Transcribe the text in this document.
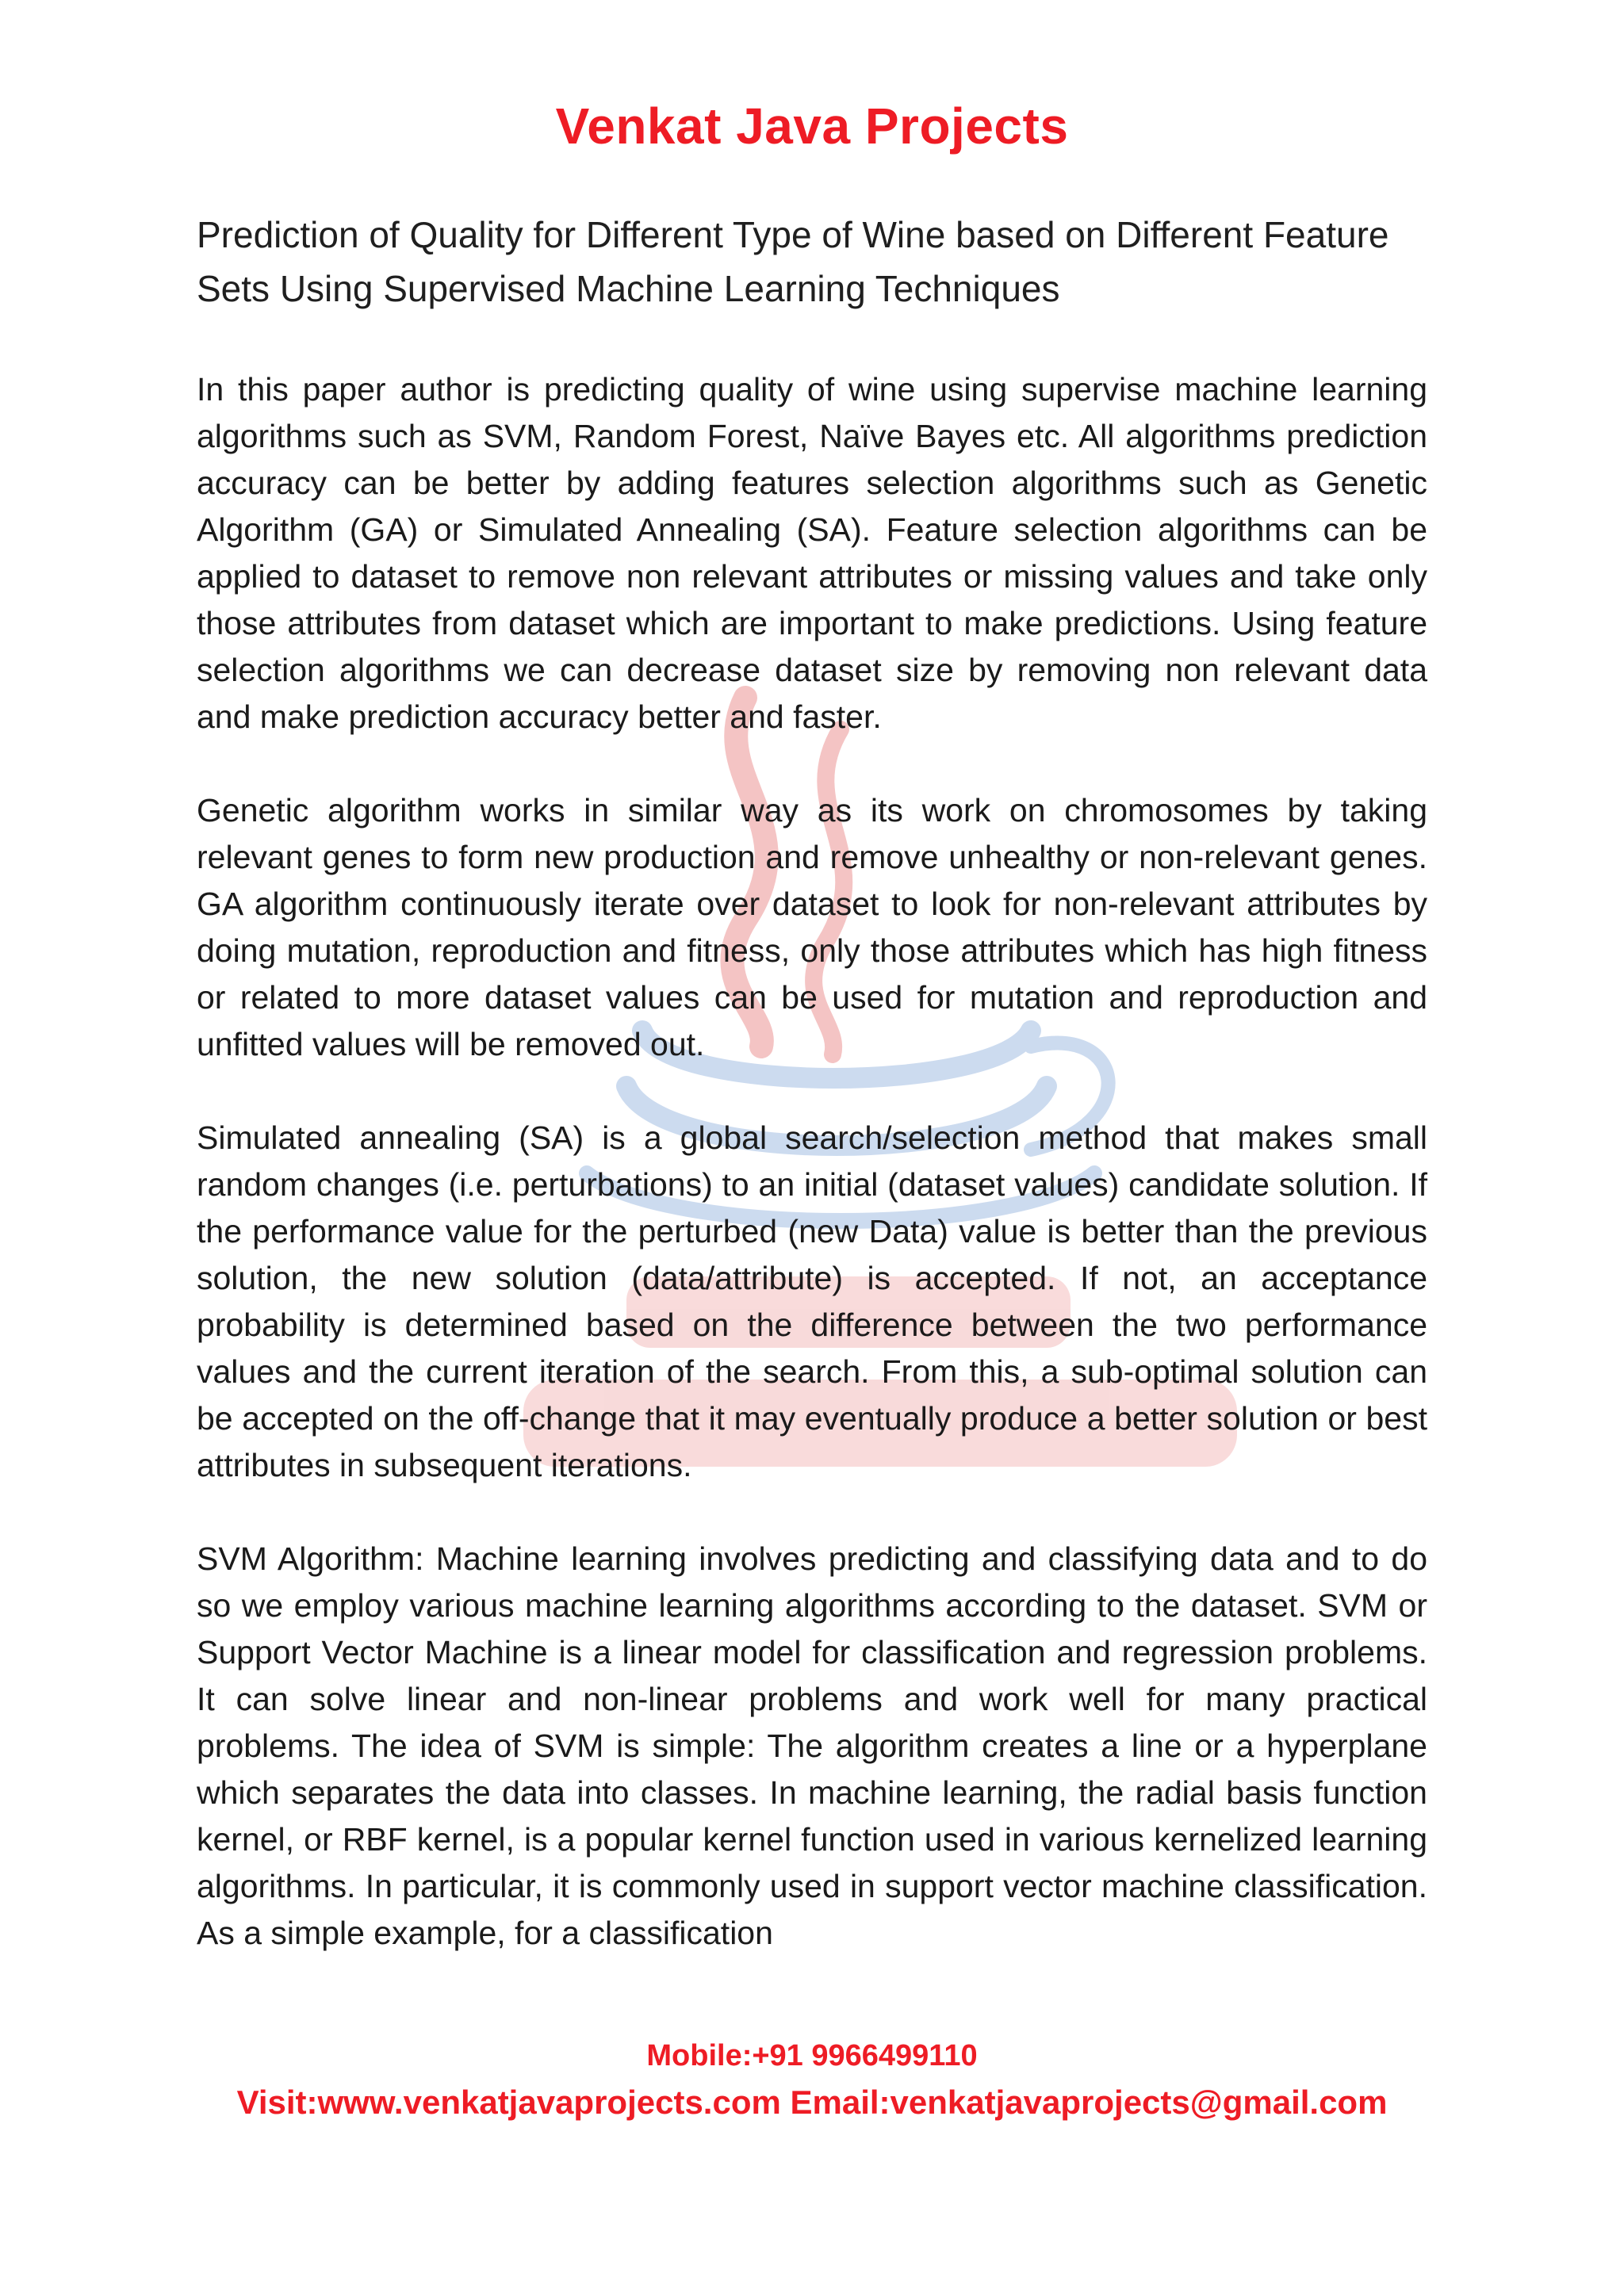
Venkat Java Projects
Prediction of Quality for Different Type of Wine based on Different Feature Sets Using Supervised Machine Learning Techniques

In this paper author is predicting quality of wine using supervise machine learning algorithms such as SVM, Random Forest, Naïve Bayes etc. All algorithms prediction accuracy can be better by adding features selection algorithms such as Genetic Algorithm (GA) or Simulated Annealing (SA). Feature selection algorithms can be applied to dataset to remove non relevant attributes or missing values and take only those attributes from dataset which are important to make predictions. Using feature selection algorithms we can decrease dataset size by removing non relevant data and make prediction accuracy better and faster.

Genetic algorithm works in similar way as its work on chromosomes by taking relevant genes to form new production and remove unhealthy or non-relevant genes. GA algorithm continuously iterate over dataset to look for non-relevant attributes by doing mutation, reproduction and fitness, only those attributes which has high fitness or related to more dataset values can be used for mutation and reproduction and unfitted values will be removed out.

Simulated annealing (SA) is a global search/selection method that makes small random changes (i.e. perturbations) to an initial (dataset values) candidate solution. If the performance value for the perturbed (new Data) value is better than the previous solution, the new solution (data/attribute) is accepted. If not, an acceptance probability is determined based on the difference between the two performance values and the current iteration of the search. From this, a sub-optimal solution can be accepted on the off-change that it may eventually produce a better solution or best attributes in subsequent iterations.

SVM Algorithm: Machine learning involves predicting and classifying data and to do so we employ various machine learning algorithms according to the dataset. SVM or Support Vector Machine is a linear model for classification and regression problems. It can solve linear and non-linear problems and work well for many practical problems. The idea of SVM is simple: The algorithm creates a line or a hyperplane which separates the data into classes. In machine learning, the radial basis function kernel, or RBF kernel, is a popular kernel function used in various kernelized learning algorithms. In particular, it is commonly used in support vector machine classification. As a simple example, for a classification

Mobile:+91 9966499110
Visit:www.venkatjavaprojects.com Email:venkatjavaprojects@gmail.com
